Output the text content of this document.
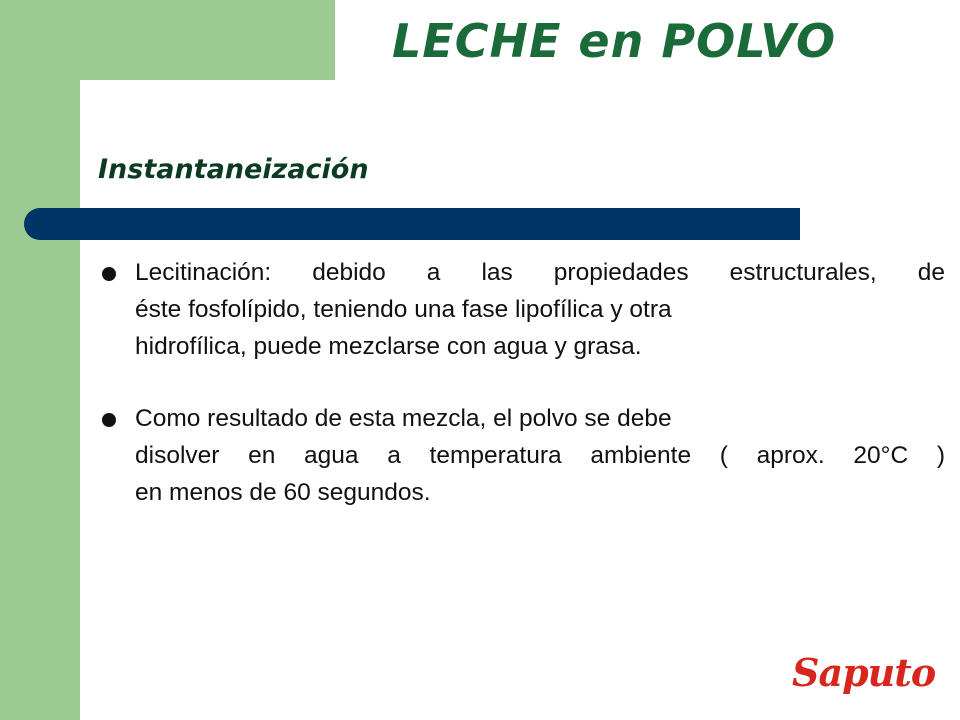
LECHE en POLVO
Instantaneización
Lecitinación: debido a las propiedades estructurales, de
éste fosfolípido, teniendo una fase lipofílica y otra
hidrofílica, puede mezclarse con agua y grasa.
Como resultado de esta mezcla, el polvo se debe
disolver en agua a temperatura ambiente ( aprox. 20°C )
en menos de 60 segundos.
Saputo
